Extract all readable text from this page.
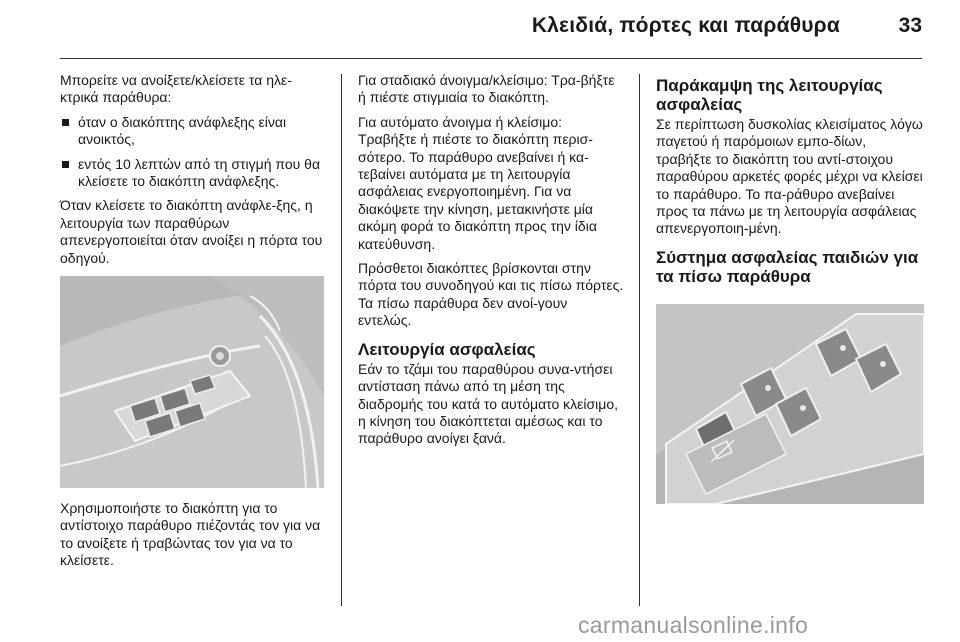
Κλειδιά, πόρτες και παράθυρα	33

Μπορείτε να ανοίξετε/κλείσετε τα ηλε-κτρικά παράθυρα:

όταν ο διακόπτης ανάφλεξης είναι ανοικτός,
εντός 10 λεπτών από τη στιγμή που θα κλείσετε το διακόπτη ανάφλεξης.

Όταν κλείσετε το διακόπτη ανάφλε-ξης, η λειτουργία των παραθύρων απενεργοποιείται όταν ανοίξει η πόρτα του οδηγού.

Χρησιμοποιήστε το διακόπτη για το αντίστοιχο παράθυρο πιέζοντάς τον για να το ανοίξετε ή τραβώντας τον για να το κλείσετε.

Για σταδιακό άνοιγμα/κλείσιμο: Τρα-βήξτε ή πιέστε στιγμιαία το διακόπτη.

Για αυτόματο άνοιγμα ή κλείσιμο: Τραβήξτε ή πιέστε το διακόπτη περισ-σότερο. Το παράθυρο ανεβαίνει ή κα-τεβαίνει αυτόματα με τη λειτουργία ασφάλειας ενεργοποιημένη. Για να διακόψετε την κίνηση, μετακινήστε μία ακόμη φορά το διακόπτη προς την ίδια κατεύθυνση.

Πρόσθετοι διακόπτες βρίσκονται στην πόρτα του συνοδηγού και τις πίσω πόρτες. Τα πίσω παράθυρα δεν ανοί-γουν εντελώς.

Λειτουργία ασφαλείας

Εάν το τζάμι του παραθύρου συνα-ντήσει αντίσταση πάνω από τη μέση της διαδρομής του κατά το αυτόματο κλείσιμο, η κίνηση του διακόπτεται αμέσως και το παράθυρο ανοίγει ξανά.

Παράκαμψη της λειτουργίας ασφαλείας

Σε περίπτωση δυσκολίας κλεισίματος λόγω παγετού ή παρόμοιων εμπο-δίων, τραβήξτε το διακόπτη του αντί-στοιχου παραθύρου αρκετές φορές μέχρι να κλείσει το παράθυρο. Το πα-ράθυρο ανεβαίνει προς τα πάνω με τη λειτουργία ασφάλειας απενεργοποιη-μένη.

Σύστημα ασφαλείας παιδιών για τα πίσω παράθυρα
carmanualsonline.info
